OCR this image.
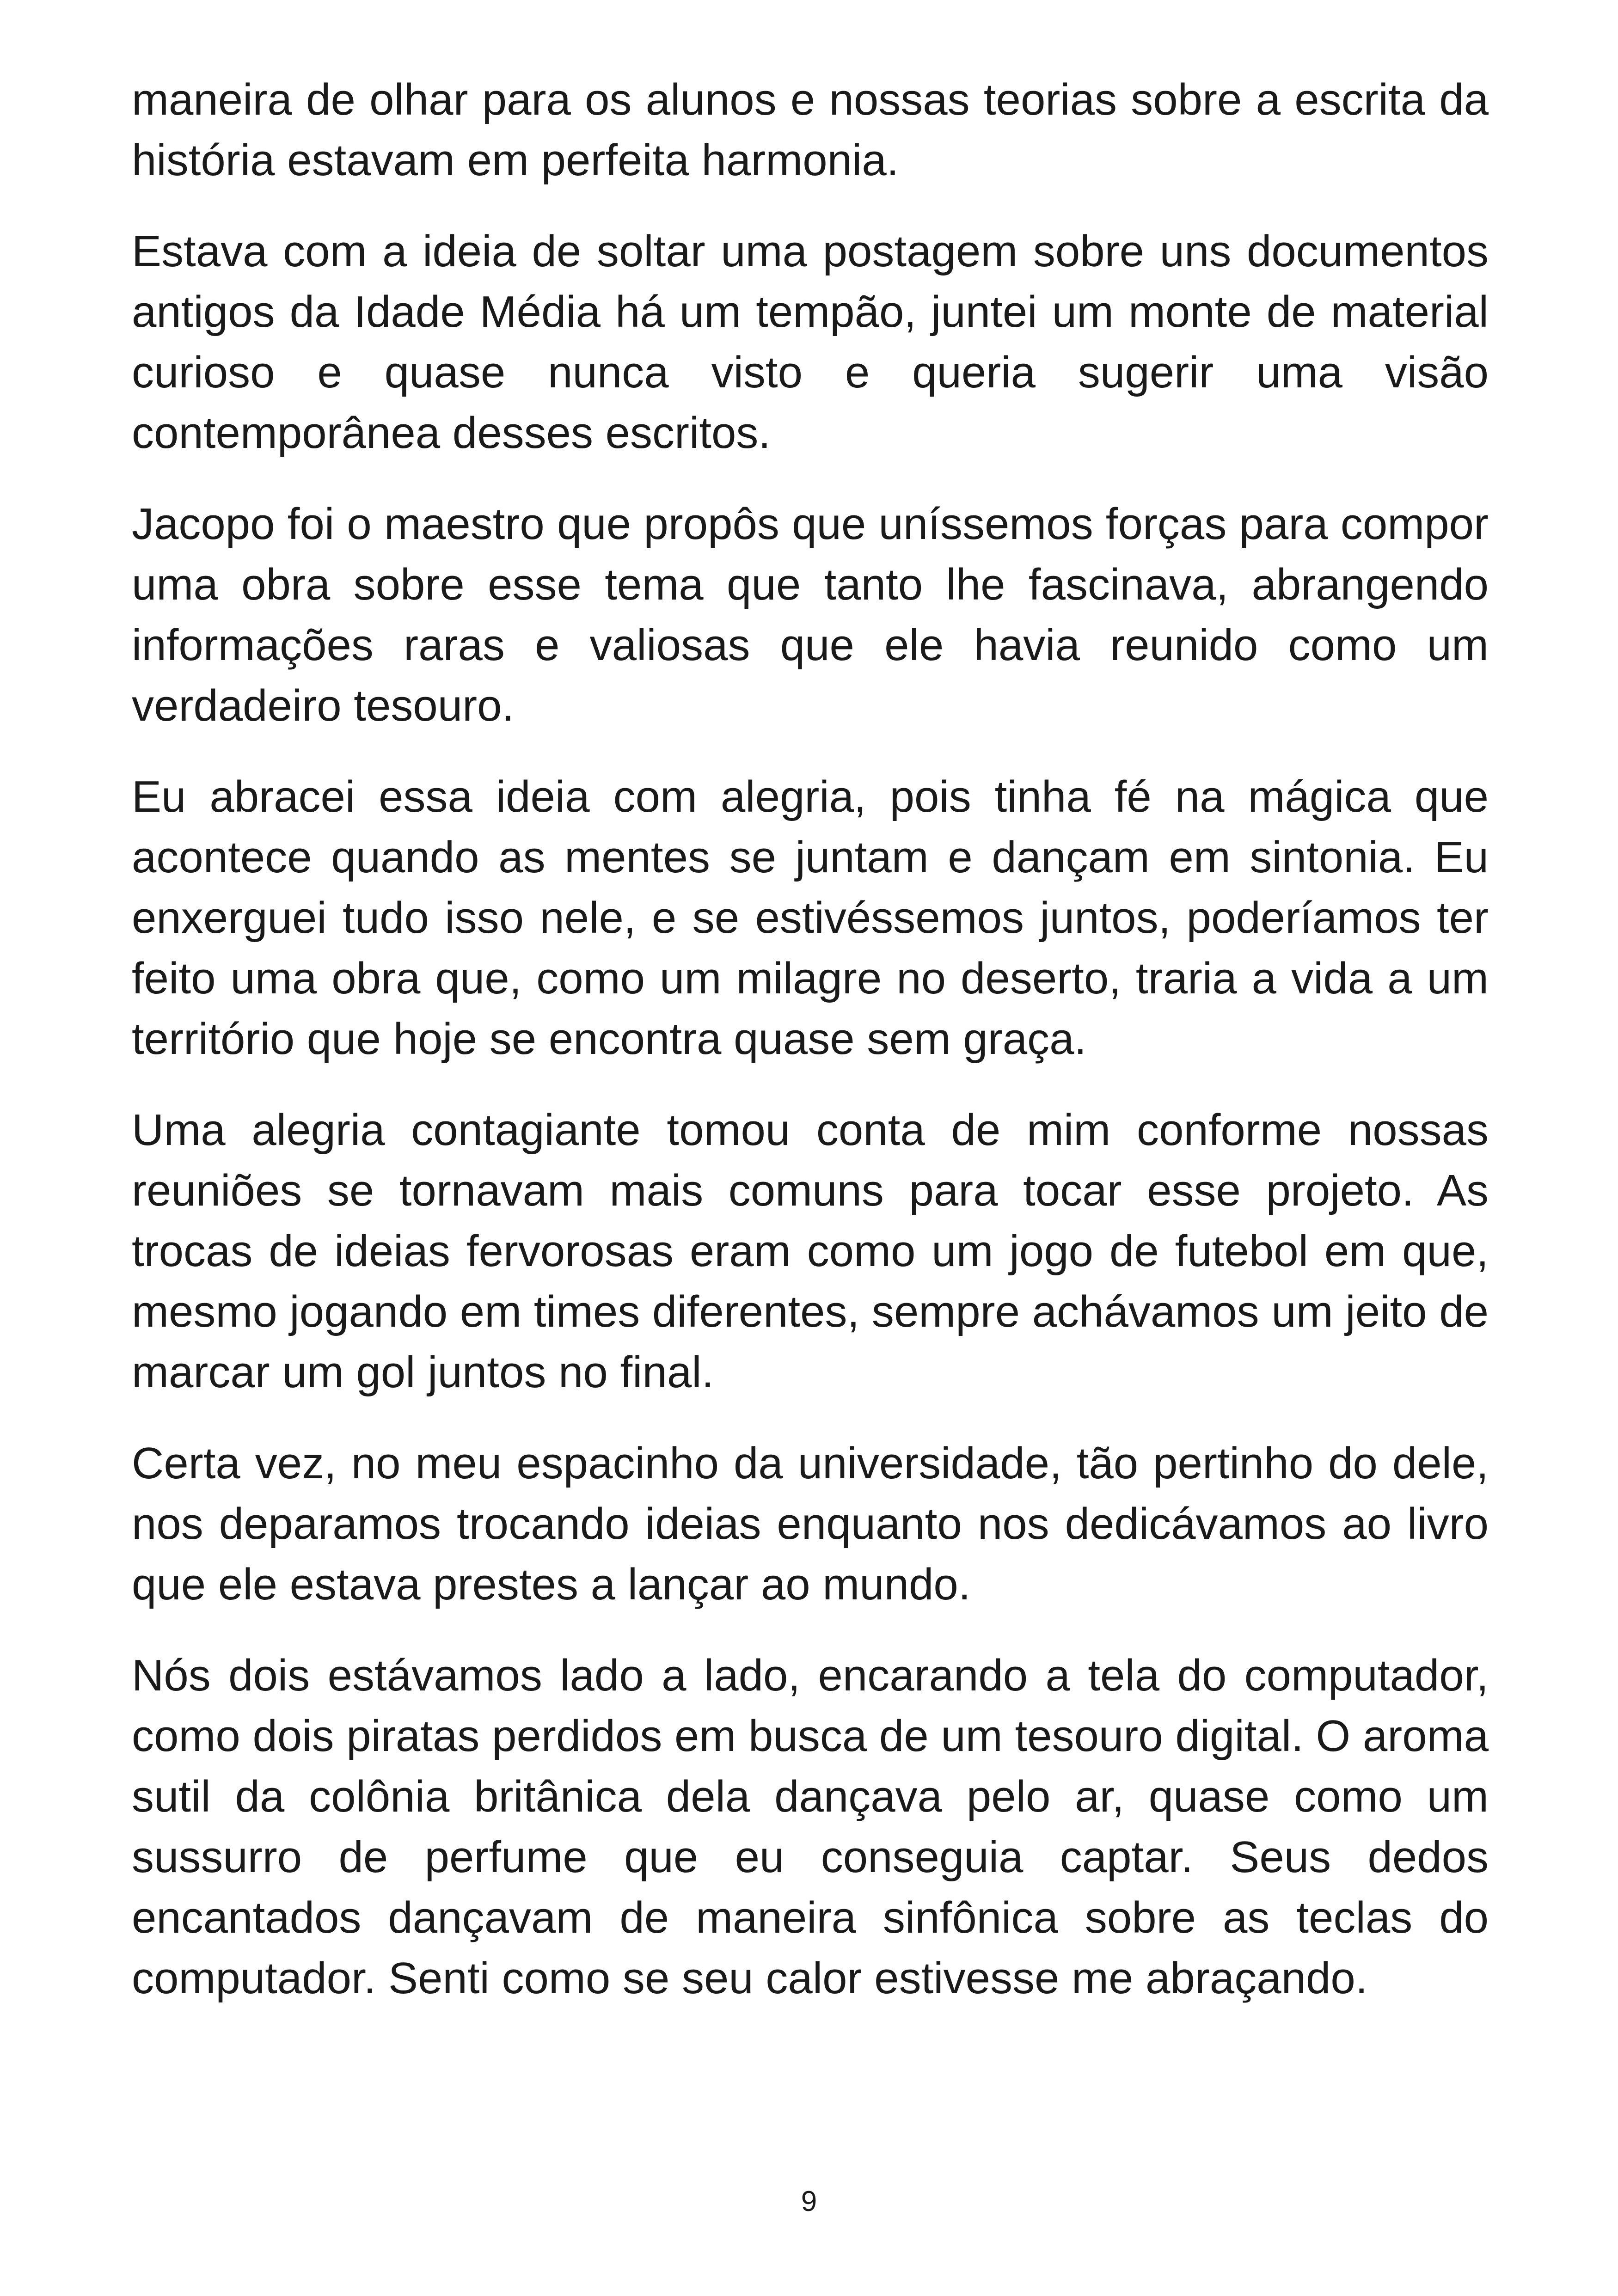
maneira de olhar para os alunos e nossas teorias sobre a escrita da história estavam em perfeita harmonia.

Estava com a ideia de soltar uma postagem sobre uns documentos antigos da Idade Média há um tempão, juntei um monte de material curioso e quase nunca visto e queria sugerir uma visão contemporânea desses escritos.

Jacopo foi o maestro que propôs que uníssemos forças para compor uma obra sobre esse tema que tanto lhe fascinava, abrangendo informações raras e valiosas que ele havia reunido como um verdadeiro tesouro.

Eu abracei essa ideia com alegria, pois tinha fé na mágica que acontece quando as mentes se juntam e dançam em sintonia. Eu enxerguei tudo isso nele, e se estivéssemos juntos, poderíamos ter feito uma obra que, como um milagre no deserto, traria a vida a um território que hoje se encontra quase sem graça.

Uma alegria contagiante tomou conta de mim conforme nossas reuniões se tornavam mais comuns para tocar esse projeto. As trocas de ideias fervorosas eram como um jogo de futebol em que, mesmo jogando em times diferentes, sempre achávamos um jeito de marcar um gol juntos no final.

Certa vez, no meu espacinho da universidade, tão pertinho do dele, nos deparamos trocando ideias enquanto nos dedicávamos ao livro que ele estava prestes a lançar ao mundo.

Nós dois estávamos lado a lado, encarando a tela do computador, como dois piratas perdidos em busca de um tesouro digital. O aroma sutil da colônia britânica dela dançava pelo ar, quase como um sussurro de perfume que eu conseguia captar. Seus dedos encantados dançavam de maneira sinfônica sobre as teclas do computador. Senti como se seu calor estivesse me abraçando.

9
